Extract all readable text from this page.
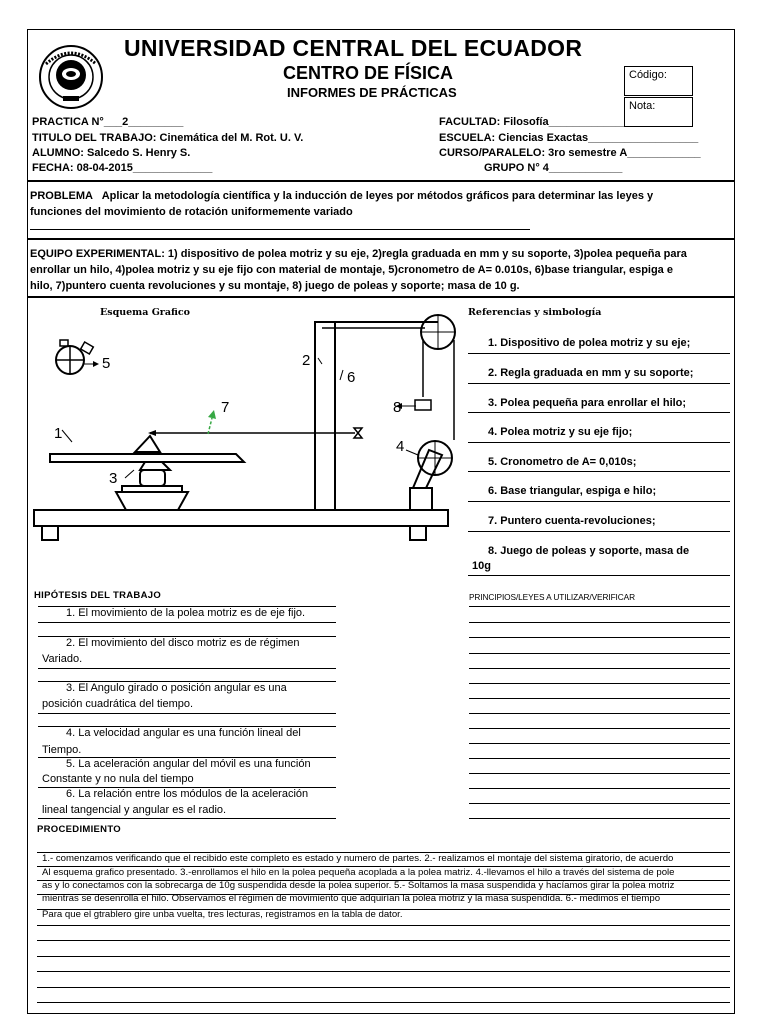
UNIVERSIDAD CENTRAL DEL ECUADOR
CENTRO DE FÍSICA
INFORMES DE PRÁCTICAS
Código:
Nota:
PRACTICA N°___2_________
TITULO DEL TRABAJO: Cinemática del M. Rot. U. V.
ALUMNO: Salcedo S. Henry S.
FECHA: 08-04-2015_____________
FACULTAD: Filosofía____________________
ESCUELA: Ciencias Exactas__________________
CURSO/PARALELO: 3ro semestre A____________
GRUPO N° 4____________
PROBLEMA Aplicar la metodología científica y la inducción de leyes por métodos gráficos para determinar las leyes y
funciones del movimiento de rotación uniformemente variado
EQUIPO EXPERIMENTAL: 1) dispositivo de polea motriz y su eje, 2)regla graduada en mm y su soporte, 3)polea pequeña para
enrollar un hilo, 4)polea motriz y su eje fijo con material de montaje, 5)cronometro de A= 0.010s, 6)base triangular, espiga e
hilo, 7)puntero cuenta revoluciones y su montaje, 8) juego de poleas y soporte; masa de 10 g.
Esquema Grafico
1
2
3
4
5
6
7	8
Referencias y simbología
1. Dispositivo de polea motriz y su eje;
2. Regla graduada en mm y su soporte;
3. Polea pequeña para enrollar el hilo;
4. Polea motriz y su eje fijo;
5. Cronometro de A= 0,010s;
6. Base triangular, espiga e hilo;
7. Puntero cuenta-revoluciones;
8. Juego de poleas y soporte, masa de
10g
HIPÓTESIS DEL TRABAJO
1. El movimiento de la polea motriz es de eje fijo.
2. El movimiento del disco motriz es de régimen
Variado.
3. El Angulo girado o posición angular es una
posición cuadrática del tiempo.
4. La velocidad angular es una función lineal del
Tiempo.
5. La aceleración angular del móvil es una función
Constante y no nula del tiempo
6. La relación entre los módulos de la aceleración
lineal tangencial y angular es el radio.
PRINCIPIOS/LEYES A UTILIZAR/VERIFICAR
PROCEDIMIENTO
1.- comenzamos verificando que el recibido este completo es estado y numero de partes. 2.- realizamos el montaje del sistema giratorio, de acuerdo
Al esquema grafico presentado. 3.-enrollamos el hilo en la polea pequeña acoplada a la polea matriz. 4.-llevamos el hilo a través del sistema de pole
as y lo conectamos con la sobrecarga de 10g suspendida desde la polea superior. 5.- Soltamos la masa suspendida y hacíamos girar la polea motriz
mientras se desenrolla el hilo. Observamos el régimen de movimiento que adquirían la polea motriz y la masa suspendida. 6.- medimos el tiempo
Para que el gtrablero gire unba vuelta, tres lecturas, registramos en la tabla de dator.
